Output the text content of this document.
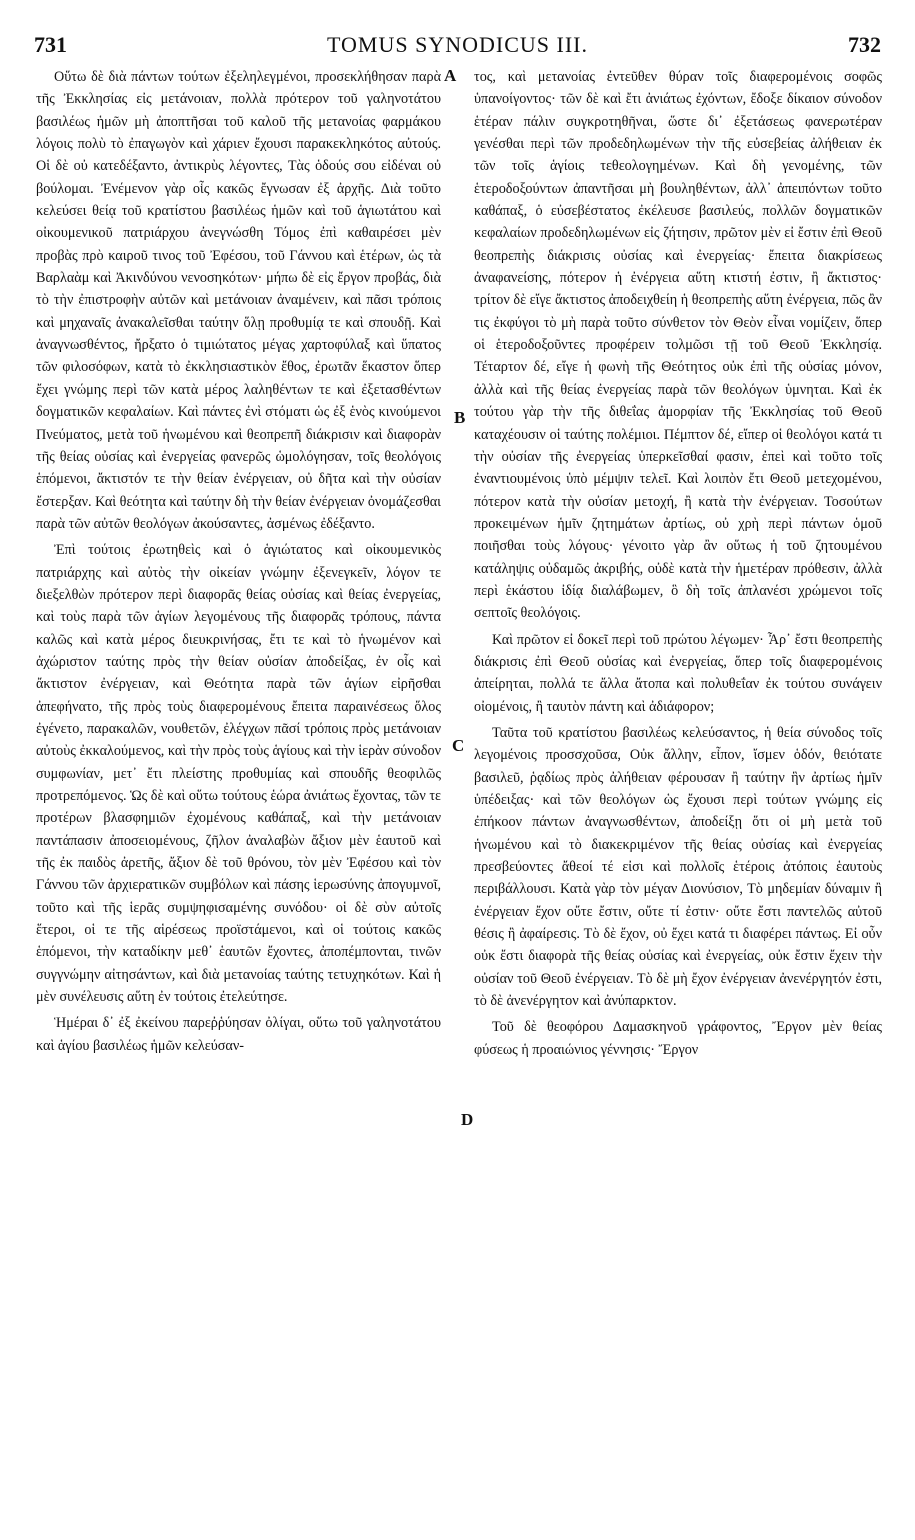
731	TOMUS SYNODICUS III.	732
A
B
C
D

Οὕτω δὲ διὰ πάντων τούτων ἐξεληλεγμένοι, προσεκλήθησαν παρὰ τῆς Ἐκκλησίας εἰς μετάνοιαν, πολλὰ πρότερον τοῦ γαληνοτάτου βασιλέως ἡμῶν μὴ ἀποπτῆσαι τοῦ καλοῦ τῆς μετανοίας φαρμάκου λόγοις πολὺ τὸ ἐπαγωγὸν καὶ χάριεν ἔχουσι παρακεκληκότος αὐτούς. Οἱ δὲ οὐ κατεδέξαντο, ἀντικρὺς λέγοντες, Τὰς ὁδούς σου εἰδέναι οὐ βούλομαι. Ἐνέμενον γὰρ οἷς κακῶς ἔγνωσαν ἐξ ἀρχῆς. Διὰ τοῦτο κελεύσει θείᾳ τοῦ κρατίστου βασιλέως ἡμῶν καὶ τοῦ ἁγιωτάτου καὶ οἰκουμενικοῦ πατριάρχου ἀνεγνώσθη Τόμος ἐπὶ καθαιρέσει μὲν προβὰς πρὸ καιροῦ τινος τοῦ Ἐφέσου, τοῦ Γάννου καὶ ἑτέρων, ὡς τὰ Βαρλαὰμ καὶ Ἀκινδύνου νενοσηκότων· μήπω δὲ εἰς ἔργον προβάς, διὰ τὸ τὴν ἐπιστροφὴν αὐτῶν καὶ μετάνοιαν ἀναμένειν, καὶ πᾶσι τρόποις καὶ μηχαναῖς ἀνακαλεῖσθαι ταύτην ὅλῃ προθυμίᾳ τε καὶ σπουδῇ. Καὶ ἀναγνωσθέντος, ἤρξατο ὁ τιμιώτατος μέγας χαρτοφύλαξ καὶ ὕπατος τῶν φιλοσόφων, κατὰ τὸ ἐκκλησιαστικὸν ἔθος, ἐρωτᾶν ἕκαστον ὅπερ ἔχει γνώμης περὶ τῶν κατὰ μέρος λαληθέντων τε καὶ ἐξετασθέντων δογματικῶν κεφαλαίων. Καὶ πάντες ἐνὶ στόματι ὡς ἐξ ἑνὸς κινούμενοι Πνεύματος, μετὰ τοῦ ἡνωμένου καὶ θεοπρεπῆ διάκρισιν καὶ διαφορὰν τῆς θείας οὐσίας καὶ ἐνεργείας φανερῶς ὡμολόγησαν, τοῖς θεολόγοις ἑπόμενοι, ἄκτιστόν τε τὴν θείαν ἐνέργειαν, οὐ δῆτα καὶ τὴν οὐσίαν ἔστερξαν. Καὶ θεότητα καὶ ταύτην δὴ τὴν θείαν ἐνέργειαν ὀνομάζεσθαι παρὰ τῶν αὐτῶν θεολόγων ἀκούσαντες, ἀσμένως ἐδέξαντο.

Ἐπὶ τούτοις ἐρωτηθεὶς καὶ ὁ ἁγιώτατος καὶ οἰκουμενικὸς πατριάρχης καὶ αὐτὸς τὴν οἰκείαν γνώμην ἐξενεγκεῖν, λόγον τε διεξελθὼν πρότερον περὶ διαφορᾶς θείας οὐσίας καὶ θείας ἐνεργείας, καὶ τοὺς παρὰ τῶν ἁγίων λεγομένους τῆς διαφορᾶς τρόπους, πάντα καλῶς καὶ κατὰ μέρος διευκρινήσας, ἔτι τε καὶ τὸ ἡνωμένον καὶ ἀχώριστον ταύτης πρὸς τὴν θείαν οὐσίαν ἀποδείξας, ἐν οἷς καὶ ἄκτιστον ἐνέργειαν, καὶ Θεότητα παρὰ τῶν ἁγίων εἰρῆσθαι ἀπεφήνατο, τῆς πρὸς τοὺς διαφερομένους ἔπειτα παραινέσεως ὅλος ἐγένετο, παρακαλῶν, νουθετῶν, ἐλέγχων πᾶσί τρόποις πρὸς μετάνοιαν αὐτοὺς ἐκκαλούμενος, καὶ τὴν πρὸς τοὺς ἁγίους καὶ τὴν ἱερὰν σύνοδον συμφωνίαν, μετ᾽ ἔτι πλείστης προθυμίας καὶ σπουδῆς θεοφιλῶς προτρεπόμενος. Ὡς δὲ καὶ οὕτω τούτους ἑώρα ἀνιάτως ἔχοντας, τῶν τε προτέρων βλασφημιῶν ἐχομένους καθάπαξ, καὶ τὴν μετάνοιαν παντάπασιν ἀποσειομένους, ζῆλον ἀναλαβὼν ἄξιον μὲν ἑαυτοῦ καὶ τῆς ἐκ παιδὸς ἀρετῆς, ἄξιον δὲ τοῦ θρόνου, τὸν μὲν Ἐφέσου καὶ τὸν Γάννου τῶν ἀρχιερατικῶν συμβόλων καὶ πάσης ἱερωσύνης ἀπογυμνοῖ, τοῦτο καὶ τῆς ἱερᾶς συμψηφισαμένης συνόδου· οἱ δὲ σὺν αὐτοῖς ἕτεροι, οἱ τε τῆς αἱρέσεως προϊστάμενοι, καὶ οἱ τούτοις κακῶς ἑπόμενοι, τὴν καταδίκην μεθ᾽ ἑαυτῶν ἔχοντες, ἀποπέμπονται, τινῶν συγγνώμην αἰτησάντων, καὶ διὰ μετανοίας ταύτης τετυχηκότων. Καὶ ἡ μὲν συνέλευσις αὕτη ἐν τούτοις ἐτελεύτησε.

Ἡμέραι δ᾽ ἐξ ἐκείνου παρεῤῥύησαν ὀλίγαι, οὕτω τοῦ γαληνοτάτου καὶ ἁγίου βασιλέως ἡμῶν κελεύσαν-

τος, καὶ μετανοίας ἐντεῦθεν θύραν τοῖς διαφερομένοις σοφῶς ὑπανοίγοντος· τῶν δὲ καὶ ἔτι ἀνιάτως ἐχόντων, ἔδοξε δίκαιον σύνοδον ἑτέραν πάλιν συγκροτηθῆναι, ὥστε δι᾽ ἐξετάσεως φανερωτέραν γενέσθαι περὶ τῶν προδεδηλωμένων τὴν τῆς εὐσεβείας ἀλήθειαν ἐκ τῶν τοῖς ἁγίοις τεθεολογημένων. Καὶ δὴ γενομένης, τῶν ἑτεροδοξούντων ἀπαντῆσαι μὴ βουληθέντων, ἀλλ᾽ ἀπειπόντων τοῦτο καθάπαξ, ὁ εὐσεβέστατος ἐκέλευσε βασιλεύς, πολλῶν δογματικῶν κεφαλαίων προδεδηλωμένων εἰς ζήτησιν, πρῶτον μὲν εἰ ἔστιν ἐπὶ Θεοῦ θεοπρεπὴς διάκρισις οὐσίας καὶ ἐνεργείας· ἔπειτα διακρίσεως ἀναφανείσης, πότερον ἡ ἐνέργεια αὕτη κτιστή ἐστιν, ἢ ἄκτιστος· τρίτον δὲ εἴγε ἄκτιστος ἀποδειχθείη ἡ θεοπρεπὴς αὕτη ἐνέργεια, πῶς ἂν τις ἐκφύγοι τὸ μὴ παρὰ τοῦτο σύνθετον τὸν Θεὸν εἶναι νομίζειν, ὅπερ οἱ ἑτεροδοξοῦντες προφέρειν τολμῶσι τῇ τοῦ Θεοῦ Ἐκκλησίᾳ. Τέταρτον δέ, εἴγε ἡ φωνὴ τῆς Θεότητος οὐκ ἐπὶ τῆς οὐσίας μόνον, ἀλλὰ καὶ τῆς θείας ἐνεργείας παρὰ τῶν θεολόγων ὑμνηται. Καὶ ἐκ τούτου γὰρ τὴν τῆς διθεΐας ἀμορφίαν τῆς Ἐκκλησίας τοῦ Θεοῦ καταχέουσιν οἱ ταύτης πολέμιοι. Πέμπτον δέ, εἴπερ οἱ θεολόγοι κατά τι τὴν οὐσίαν τῆς ἐνεργείας ὑπερκεῖσθαί φασιν, ἐπεὶ καὶ τοῦτο τοῖς ἐναντιουμένοις ὑπὸ μέμψιν τελεῖ. Καὶ λοιπὸν ἔτι Θεοῦ μετεχομένου, πότερον κατὰ τὴν οὐσίαν μετοχή, ἢ κατὰ τὴν ἐνέργειαν. Τοσούτων προκειμένων ἡμῖν ζητημάτων ἀρτίως, οὐ χρὴ περὶ πάντων ὁμοῦ ποιῆσθαι τοὺς λόγους· γένοιτο γὰρ ἂν οὕτως ἡ τοῦ ζητουμένου κατάληψις οὐδαμῶς ἀκριβής, οὐδὲ κατὰ τὴν ἡμετέραν πρόθεσιν, ἀλλὰ περὶ ἑκάστου ἰδίᾳ διαλάβωμεν, ὃ δὴ τοῖς ἀπλανέσι χρώμενοι τοῖς σεπτοῖς θεολόγοις.

Καὶ πρῶτον εἰ δοκεῖ περὶ τοῦ πρώτου λέγωμεν· Ἆρ᾽ ἔστι θεοπρεπὴς διάκρισις ἐπὶ Θεοῦ οὐσίας καὶ ἐνεργείας, ὅπερ τοῖς διαφερομένοις ἀπείρηται, πολλά τε ἄλλα ἄτοπα καὶ πολυθεΐαν ἐκ τούτου συνάγειν οἰομένοις, ἢ ταυτὸν πάντη καὶ ἀδιάφορον;

Ταῦτα τοῦ κρατίστου βασιλέως κελεύσαντος, ἡ θεία σύνοδος τοῖς λεγομένοις προσσχοῦσα, Οὐκ ἄλλην, εἶπον, ἴσμεν ὁδόν, θειότατε βασιλεῦ, ῥᾳδίως πρὸς ἀλήθειαν φέρουσαν ἢ ταύτην ἣν ἀρτίως ἡμῖν ὑπέδειξας· καὶ τῶν θεολόγων ὡς ἔχουσι περὶ τούτων γνώμης εἰς ἐπήκοον πάντων ἀναγνωσθέντων, ἀποδείξῃ ὅτι οἱ μὴ μετὰ τοῦ ἡνωμένου καὶ τὸ διακεκριμένον τῆς θείας οὐσίας καὶ ἐνεργείας πρεσβεύοντες ἄθεοί τέ εἰσι καὶ πολλοῖς ἑτέροις ἀτόποις ἑαυτοὺς περιβάλλουσι. Κατὰ γὰρ τὸν μέγαν Διονύσιον, Τὸ μηδεμίαν δύναμιν ἢ ἐνέργειαν ἔχον οὔτε ἔστιν, οὔτε τί ἐστιν· οὔτε ἔστι παντελῶς αὐτοῦ θέσις ἢ ἀφαίρεσις. Τὸ δὲ ἔχον, οὐ ἔχει κατά τι διαφέρει πάντως. Εἰ οὖν οὐκ ἔστι διαφορὰ τῆς θείας οὐσίας καὶ ἐνεργείας, οὐκ ἔστιν ἔχειν τὴν οὐσίαν τοῦ Θεοῦ ἐνέργειαν. Τὸ δὲ μὴ ἔχον ἐνέργειαν ἀνενέργητόν ἐστι, τὸ δὲ ἀνενέργητον καὶ ἀνύπαρκτον.

Τοῦ δὲ θεοφόρου Δαμασκηνοῦ γράφοντος, Ἔργον μὲν θείας φύσεως ἡ προαιώνιος γέννησις· Ἔργον
